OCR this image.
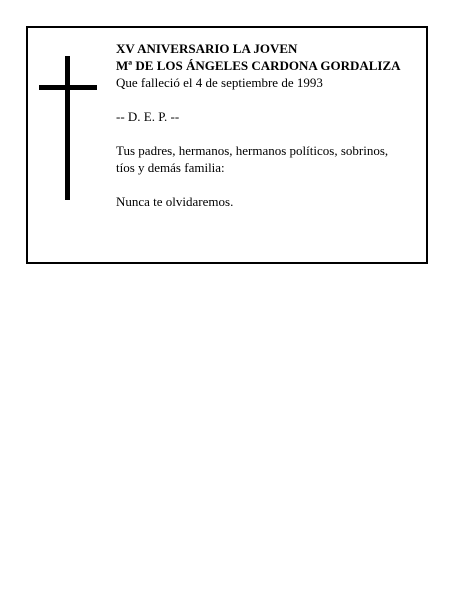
XV ANIVERSARIO LA JOVEN
Mª DE LOS ÁNGELES CARDONA GORDALIZA
Que falleció el 4 de septiembre de 1993
-- D. E. P. --
Tus padres, hermanos, hermanos políticos, sobrinos,
tíos y demás familia:
Nunca te olvidaremos.
